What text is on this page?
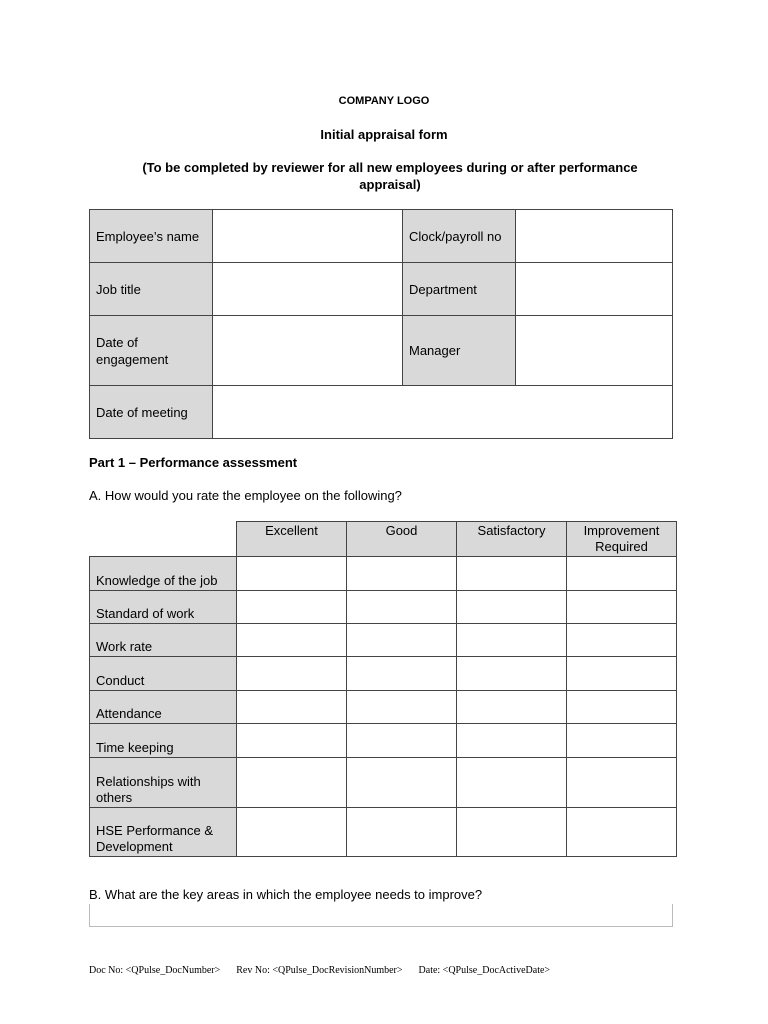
COMPANY LOGO
Initial appraisal form
(To be completed by reviewer for all new employees during or after performance appraisal)
Employee’s name		Clock/payroll no	
Job title		Department	
Date of engagement		Manager	
Date of meeting			
Part 1 – Performance assessment
A. How would you rate the employee on the following?
	Excellent	Good	Satisfactory	Improvement Required
Knowledge of the job				
Standard of work				
Work rate				
Conduct				
Attendance				
Time keeping				
Relationships with others				
HSE Performance & Development				
B. What are the key areas in which the employee needs to improve?
Doc No: <QPulse_DocNumber> Rev No: <QPulse_DocRevisionNumber> Date: <QPulse_DocActiveDate>
